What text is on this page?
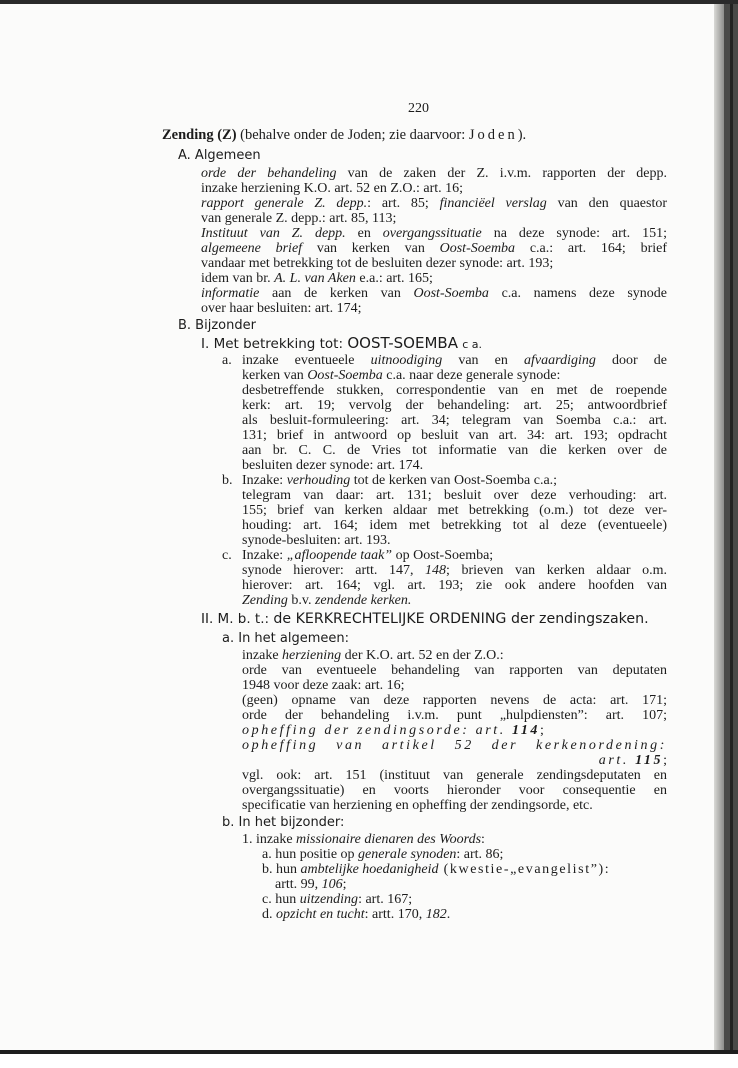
220
Zending (Z) (behalve onder de Joden; zie daarvoor: Joden).
A. Algemeen
orde der behandeling van de zaken der Z. i.v.m. rapporten der depp.
inzake herziening K.O. art. 52 en Z.O.: art. 16;
rapport generale Z. depp.: art. 85; financiëel verslag van den quaestor
van generale Z. depp.: art. 85, 113;
Instituut van Z. depp. en overgangssituatie na deze synode: art. 151;
algemeene brief van kerken van Oost-Soemba c.a.: art. 164; brief
vandaar met betrekking tot de besluiten dezer synode: art. 193;
idem van br. A. L. van Aken e.a.: art. 165;
informatie aan de kerken van Oost-Soemba c.a. namens deze synode
over haar besluiten: art. 174;
B. Bijzonder
I. Met betrekking tot: OOST-SOEMBA c a.
a. inzake eventueele uitnoodiging van en afvaardiging door de
kerken van Oost-Soemba c.a. naar deze generale synode:
desbetreffende stukken, correspondentie van en met de roepende
kerk: art. 19; vervolg der behandeling: art. 25; antwoordbrief
als besluit-formuleering: art. 34; telegram van Soemba c.a.: art.
131; brief in antwoord op besluit van art. 34: art. 193; opdracht
aan br. C. C. de Vries tot informatie van die kerken over de
besluiten dezer synode: art. 174.
b. Inzake: verhouding tot de kerken van Oost-Soemba c.a.;
telegram van daar: art. 131; besluit over deze verhouding: art.
155; brief van kerken aldaar met betrekking (o.m.) tot deze ver-
houding: art. 164; idem met betrekking tot al deze (eventueele)
synode-besluiten: art. 193.
c. Inzake: „afloopende taak” op Oost-Soemba;
synode hierover: artt. 147, 148; brieven van kerken aldaar o.m.
hierover: art. 164; vgl. art. 193; zie ook andere hoofden van
Zending b.v. zendende kerken.
II. M. b. t.: de KERKRECHTELIJKE ORDENING der zendingszaken.
a. In het algemeen:
inzake herziening der K.O. art. 52 en der Z.O.:
orde van eventueele behandeling van rapporten van deputaten
1948 voor deze zaak: art. 16;
(geen) opname van deze rapporten nevens de acta: art. 171;
orde der behandeling i.v.m. punt „hulpdiensten”: art. 107;
opheffing der zendingsorde: art. 114;
opheffing van artikel 52 der kerkenordening:
art. 115;
vgl. ook: art. 151 (instituut van generale zendingsdeputaten en
overgangssituatie) en voorts hieronder voor consequentie en
specificatie van herziening en opheffing der zendingsorde, etc.
b. In het bijzonder:
1. inzake missionaire dienaren des Woords:
a. hun positie op generale synoden: art. 86;
b. hun ambtelijke hoedanigheid (kwestie-„evangelist”):
artt. 99, 106;
c. hun uitzending: art. 167;
d. opzicht en tucht: artt. 170, 182.
